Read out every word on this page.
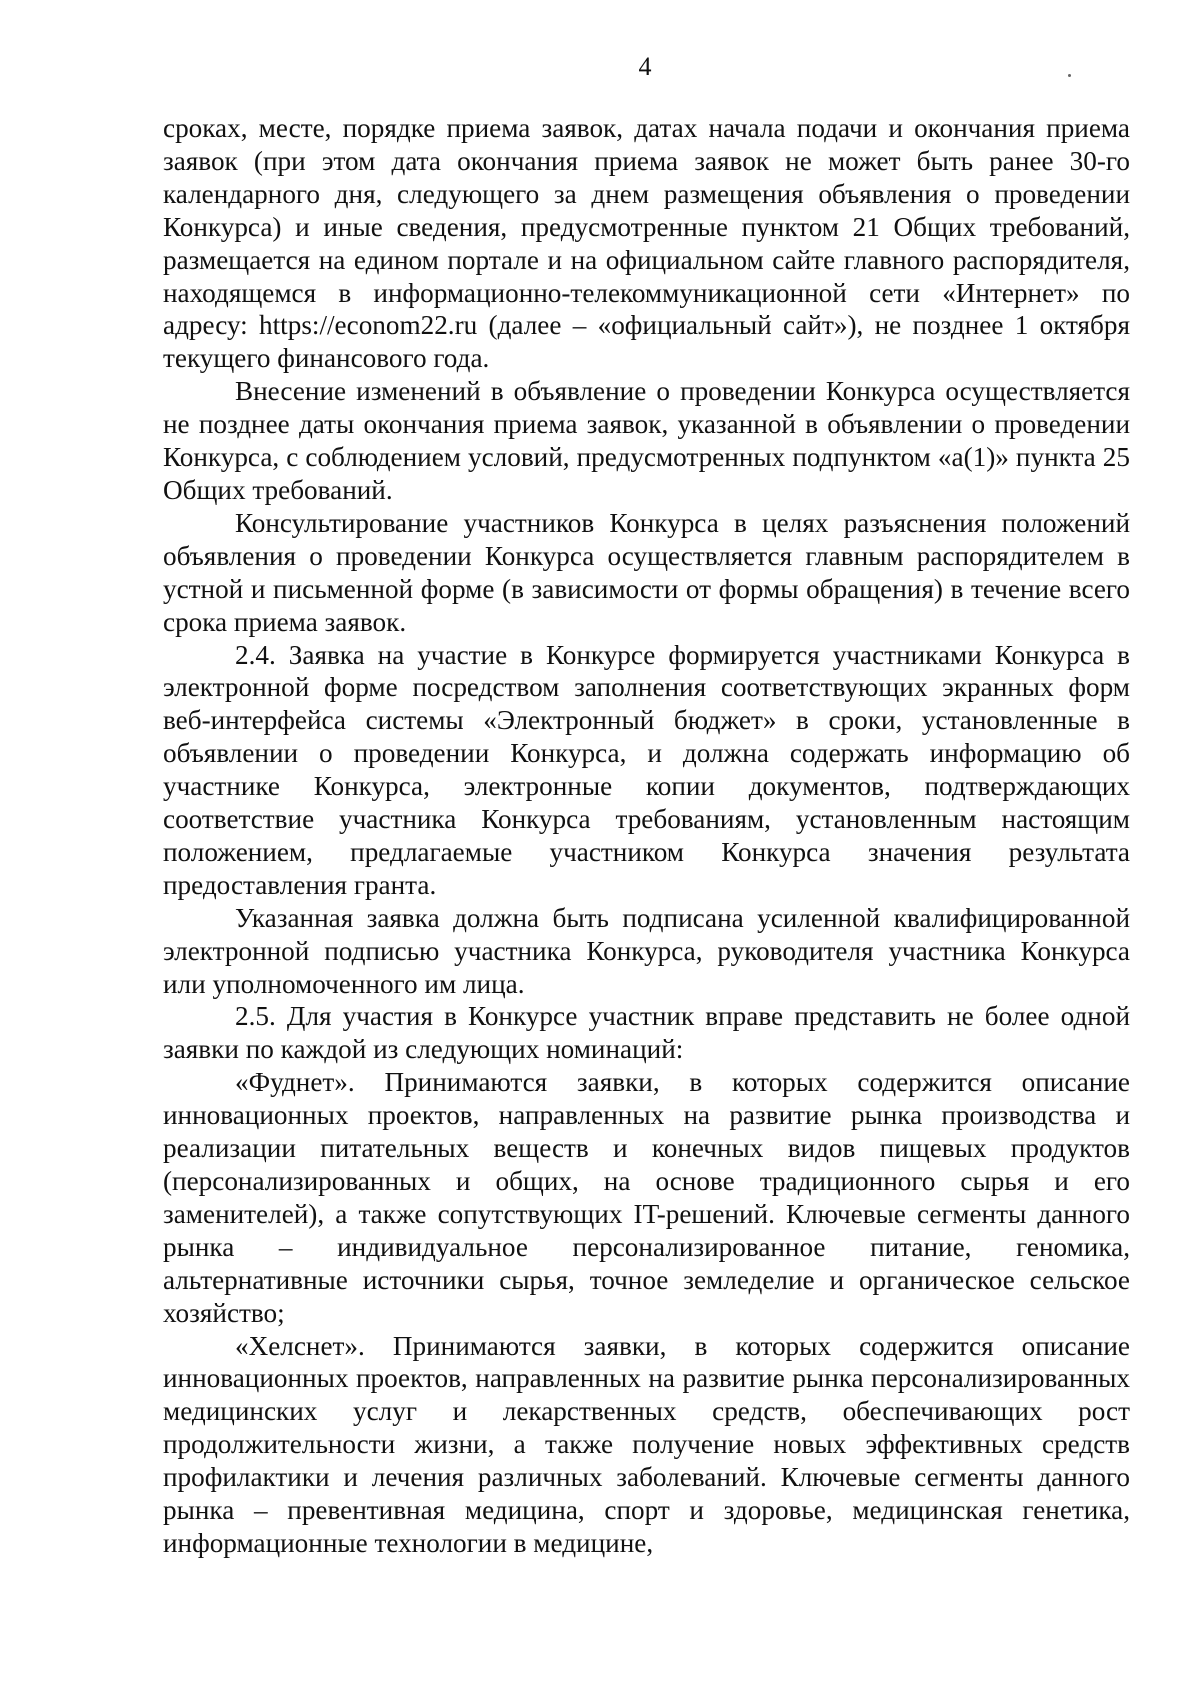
4

сроках, месте, порядке приема заявок, датах начала подачи и окончания приема заявок (при этом дата окончания приема заявок не может быть ранее 30-го календарного дня, следующего за днем размещения объявления о проведении Конкурса) и иные сведения, предусмотренные пунктом 21 Общих требований, размещается на едином портале и на официальном сайте главного распорядителя, находящемся в информационно-телекоммуникационной сети «Интернет» по адресу: https://econom22.ru (далее – «официальный сайт»), не позднее 1 октября текущего финансового года.

Внесение изменений в объявление о проведении Конкурса осуществляется не позднее даты окончания приема заявок, указанной в объявлении о проведении Конкурса, с соблюдением условий, предусмотренных подпунктом «а(1)» пункта 25 Общих требований.

Консультирование участников Конкурса в целях разъяснения положений объявления о проведении Конкурса осуществляется главным распорядителем в устной и письменной форме (в зависимости от формы обращения) в течение всего срока приема заявок.

2.4. Заявка на участие в Конкурсе формируется участниками Конкурса в электронной форме посредством заполнения соответствующих экранных форм веб-интерфейса системы «Электронный бюджет» в сроки, установленные в объявлении о проведении Конкурса, и должна содержать информацию об участнике Конкурса, электронные копии документов, подтверждающих соответствие участника Конкурса требованиям, установленным настоящим положением, предлагаемые участником Конкурса значения результата предоставления гранта.

Указанная заявка должна быть подписана усиленной квалифицированной электронной подписью участника Конкурса, руководителя участника Конкурса или уполномоченного им лица.

2.5. Для участия в Конкурсе участник вправе представить не более одной заявки по каждой из следующих номинаций:

«Фуднет». Принимаются заявки, в которых содержится описание инновационных проектов, направленных на развитие рынка производства и реализации питательных веществ и конечных видов пищевых продуктов (персонализированных и общих, на основе традиционного сырья и его заменителей), а также сопутствующих IT-решений. Ключевые сегменты данного рынка – индивидуальное персонализированное питание, геномика, альтернативные источники сырья, точное земледелие и органическое сельское хозяйство;

«Хелснет». Принимаются заявки, в которых содержится описание инновационных проектов, направленных на развитие рынка персонализированных медицинских услуг и лекарственных средств, обеспечивающих рост продолжительности жизни, а также получение новых эффективных средств профилактики и лечения различных заболеваний. Ключевые сегменты данного рынка – превентивная медицина, спорт и здоровье, медицинская генетика, информационные технологии в медицине,
